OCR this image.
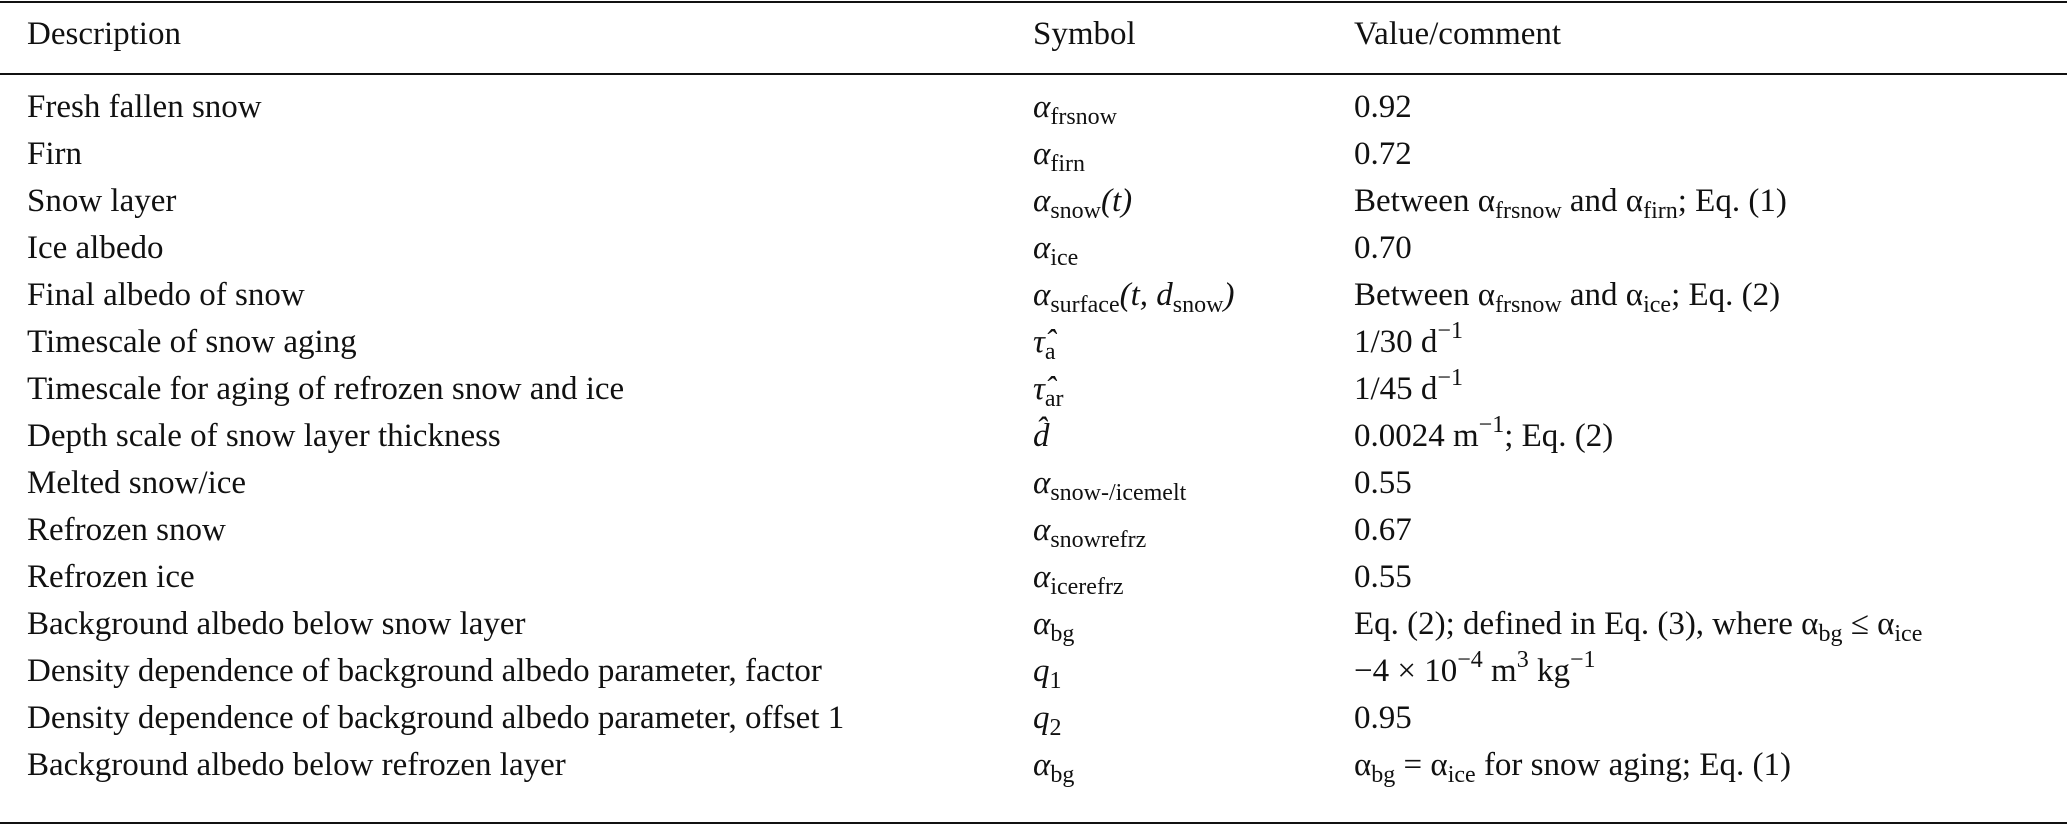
Description	Symbol	Value/comment
Fresh fallen snow	$\alpha_{frsnow}$	0.92
Firn	$\alpha_{firn}$	0.72
Snow layer	$\alpha_{snow}(t)$	Between $\alpha_{frsnow}$ and $\alpha_{firn}$; Eq. (1)
Ice albedo	$\alpha_{ice}$	0.70
Final albedo of snow	$\alpha_{surface}(t$, $d_{snow}$)	Between $\alpha_{frsnow}$ and $\alpha_{ice}$; Eq. (2)
Timescale of snow aging	$\taû_a$	1/30 $d^{-1}$
Timescale for aging of refrozen snow and ice	$\taû_{ar}$	1/45 $d^{-1}$
Depth scale of snow layer thickness	d̂	0.0024 $m^{-1}$; Eq. (2)
Melted snow/ice	$\alpha_{snow-/icemelt}$	0.55
Refrozen snow	$\alpha_{snowrefrz}$	0.67
Refrozen ice	$\alpha_{icerefrz}$	0.55
Background albedo below snow layer	$\alpha_{bg}$	Eq. (2); defined in Eq. (3), where $\alpha_{bg} \le \alpha_{ice}$
Density dependence of background albedo parameter, factor	$q_1$	$-4 \times 10^{-4}$ $m^3$ $kg^{-1}$
Density dependence of background albedo parameter, offset 1	$q_2$	0.95
Background albedo below refrozen layer	$\alpha_{bg}$	$\alpha_{bg} = \alpha_{ice}$ for snow aging; Eq. (1)
